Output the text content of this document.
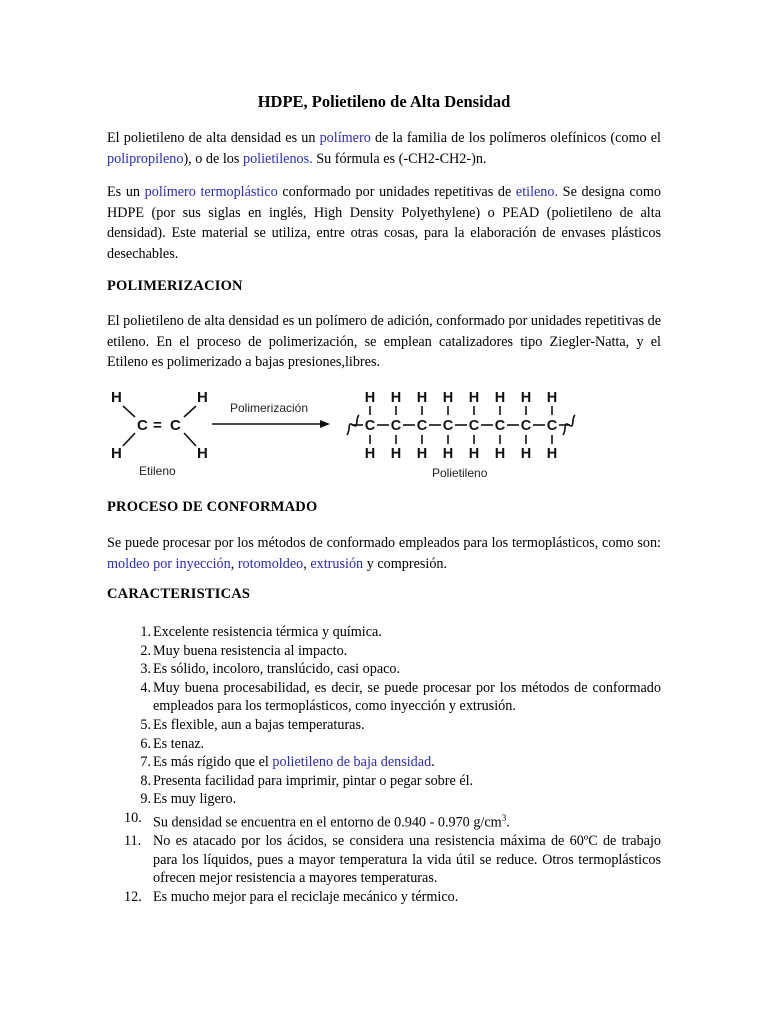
HDPE, Polietileno de Alta Densidad
El polietileno de alta densidad es un polímero de la familia de los polímeros olefínicos (como el polipropileno), o de los polietilenos. Su fórmula es (-CH2-CH2-)n.
Es un polímero termoplástico conformado por unidades repetitivas de etileno. Se designa como HDPE (por sus siglas en inglés, High Density Polyethylene) o PEAD (polietileno de alta densidad). Este material se utiliza, entre otras cosas, para la elaboración de envases plásticos desechables.
POLIMERIZACION
El polietileno de alta densidad es un polímero de adición, conformado por unidades repetitivas de etileno. En el proceso de polimerización, se emplean catalizadores tipo Ziegler-Natta, y el Etileno es polimerizado a bajas presiones,libres.
H	H
H	H
C = C
Etileno
Polimerización
H
C
H
H
C
H
H
C
H
H
C
H
H
C
H
H
C
H
H
C
H
H
C
H
Polietileno
PROCESO DE CONFORMADO
Se puede procesar por los métodos de conformado empleados para los termoplásticos, como son: moldeo por inyección, rotomoldeo, extrusión y compresión.
CARACTERISTICAS
1. Excelente resistencia térmica y química.

2. Muy buena resistencia al impacto.

3. Es sólido, incoloro, translúcido, casi opaco.

4. Muy buena procesabilidad, es decir, se puede procesar por los métodos de conformado empleados para los termoplásticos, como inyección y extrusión.

5. Es flexible, aun a bajas temperaturas.

6. Es tenaz.

7. Es más rígido que el polietileno de baja densidad.

8. Presenta facilidad para imprimir, pintar o pegar sobre él.

9. Es muy ligero.

10. Su densidad se encuentra en el entorno de 0.940 - 0.970 $g/cm^3$.

11. No es atacado por los ácidos, se considera una resistencia máxima de 60ºC de trabajo para los líquidos, pues a mayor temperatura la vida útil se reduce. Otros termoplásticos ofrecen mejor resistencia a mayores temperaturas.

12. Es mucho mejor para el reciclaje mecánico y térmico.
